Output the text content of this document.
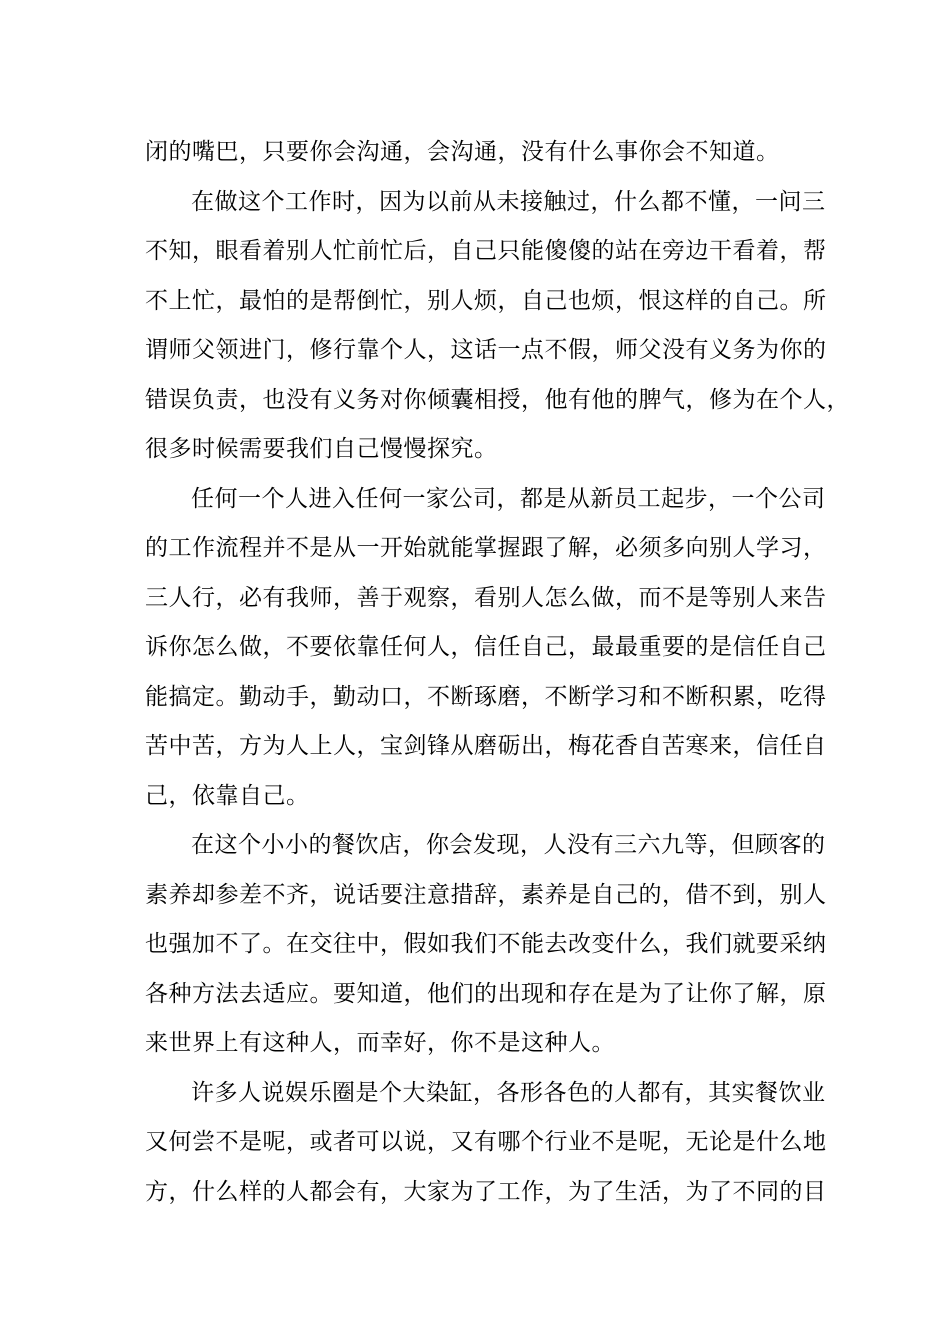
闭的嘴巴，只要你会沟通，会沟通，没有什么事你会不知道。
在做这个工作时，因为以前从未接触过，什么都不懂，一问三
不知，眼看着别人忙前忙后，自己只能傻傻的站在旁边干看着，帮
不上忙，最怕的是帮倒忙，别人烦，自己也烦，恨这样的自己。所
谓师父领进门，修行靠个人，这话一点不假，师父没有义务为你的
错误负责，也没有义务对你倾囊相授，他有他的脾气，修为在个人，
很多时候需要我们自己慢慢探究。
任何一个人进入任何一家公司，都是从新员工起步，一个公司
的工作流程并不是从一开始就能掌握跟了解，必须多向别人学习，
三人行，必有我师，善于观察，看别人怎么做，而不是等别人来告
诉你怎么做，不要依靠任何人，信任自己，最最重要的是信任自己
能搞定。勤动手，勤动口，不断琢磨，不断学习和不断积累，吃得
苦中苦，方为人上人，宝剑锋从磨砺出，梅花香自苦寒来，信任自
己，依靠自己。
在这个小小的餐饮店，你会发现，人没有三六九等，但顾客的
素养却参差不齐，说话要注意措辞，素养是自己的，借不到，别人
也强加不了。在交往中，假如我们不能去改变什么，我们就要采纳
各种方法去适应。要知道，他们的出现和存在是为了让你了解，原
来世界上有这种人，而幸好，你不是这种人。
许多人说娱乐圈是个大染缸，各形各色的人都有，其实餐饮业
又何尝不是呢，或者可以说，又有哪个行业不是呢，无论是什么地
方，什么样的人都会有，大家为了工作，为了生活，为了不同的目
